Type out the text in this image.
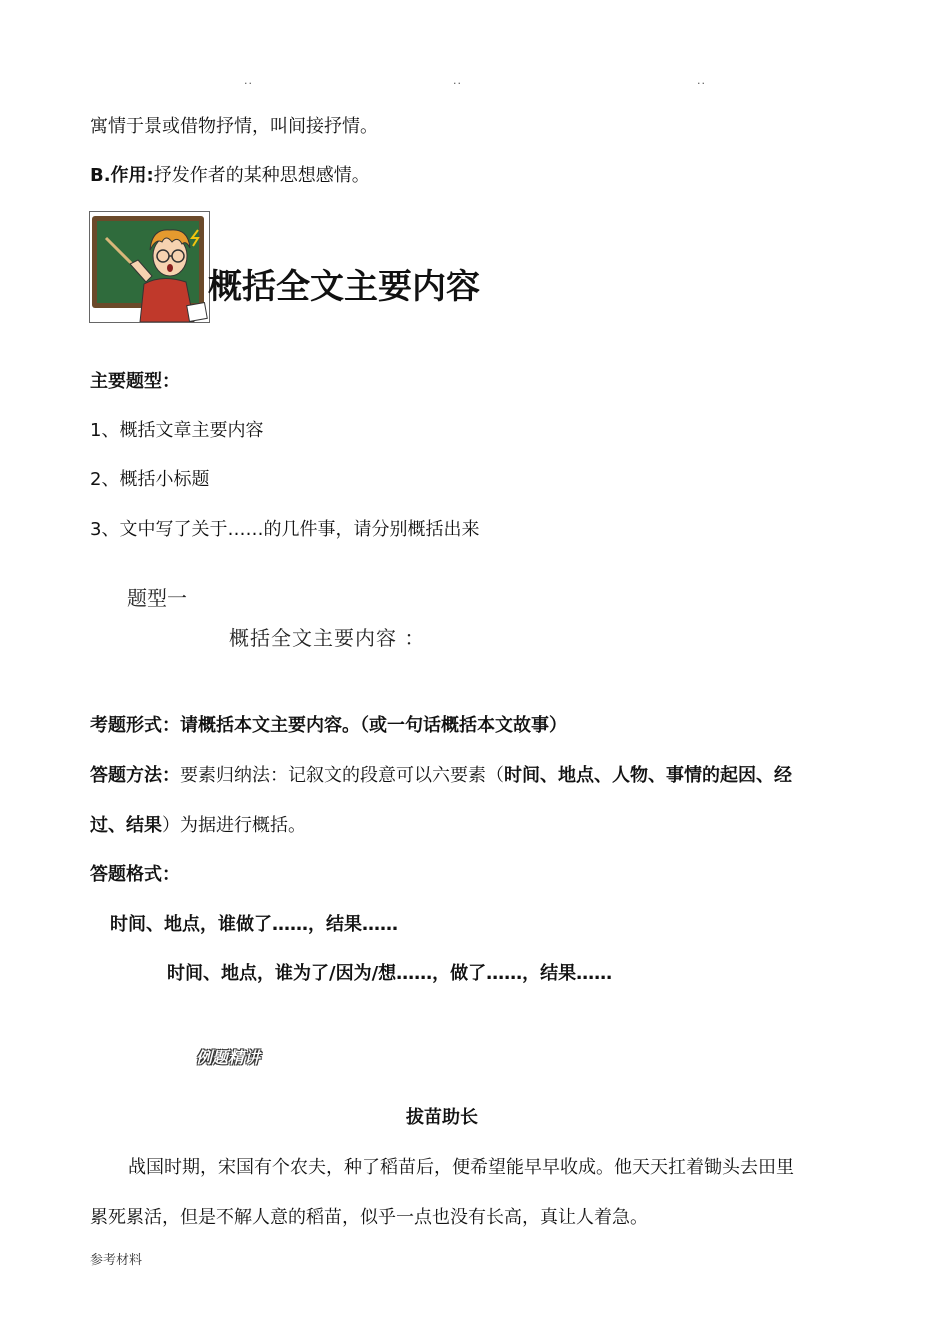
..	..	..
寓情于景或借物抒情，叫间接抒情。
B.作用:抒发作者的某种思想感情。
概括全文主要内容
主要题型：
1、概括文章主要内容
2、概括小标题
3、文中写了关于……的几件事，请分别概括出来
题型一
概括全文主要内容 ：
考题形式：请概括本文主要内容。（或一句话概括本文故事）
答题方法：要素归纳法：记叙文的段意可以六要素（时间、地点、人物、事情的起因、经
过、结果）为据进行概括。
答题格式：
时间、地点，谁做了……，结果……
时间、地点，谁为了/因为/想……，做了……，结果……
例题精讲
拔苗助长
战国时期，宋国有个农夫，种了稻苗后，便希望能早早收成。他天天扛着锄头去田里
累死累活，但是不解人意的稻苗，似乎一点也没有长高，真让人着急。
参考材料
